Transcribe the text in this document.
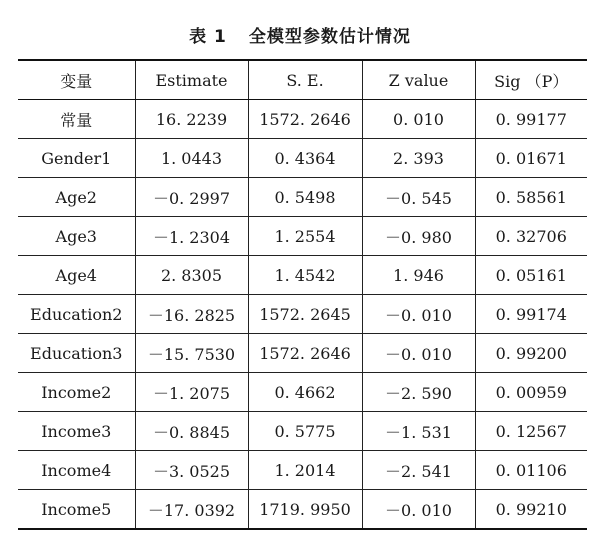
表 1 全模型参数估计情况
变量	Estimate	S. E.	Z value	Sig （P）
常量	16. 2239	1572. 2646	0. 010	0. 99177
Gender1	1. 0443	0. 4364	2. 393	0. 01671
Age2	－0. 2997	0. 5498	－0. 545	0. 58561
Age3	－1. 2304	1. 2554	－0. 980	0. 32706
Age4	2. 8305	1. 4542	1. 946	0. 05161
Education2	－16. 2825	1572. 2645	－0. 010	0. 99174
Education3	－15. 7530	1572. 2646	－0. 010	0. 99200
Income2	－1. 2075	0. 4662	－2. 590	0. 00959
Income3	－0. 8845	0. 5775	－1. 531	0. 12567
Income4	－3. 0525	1. 2014	－2. 541	0. 01106
Income5	－17. 0392	1719. 9950	－0. 010	0. 99210
